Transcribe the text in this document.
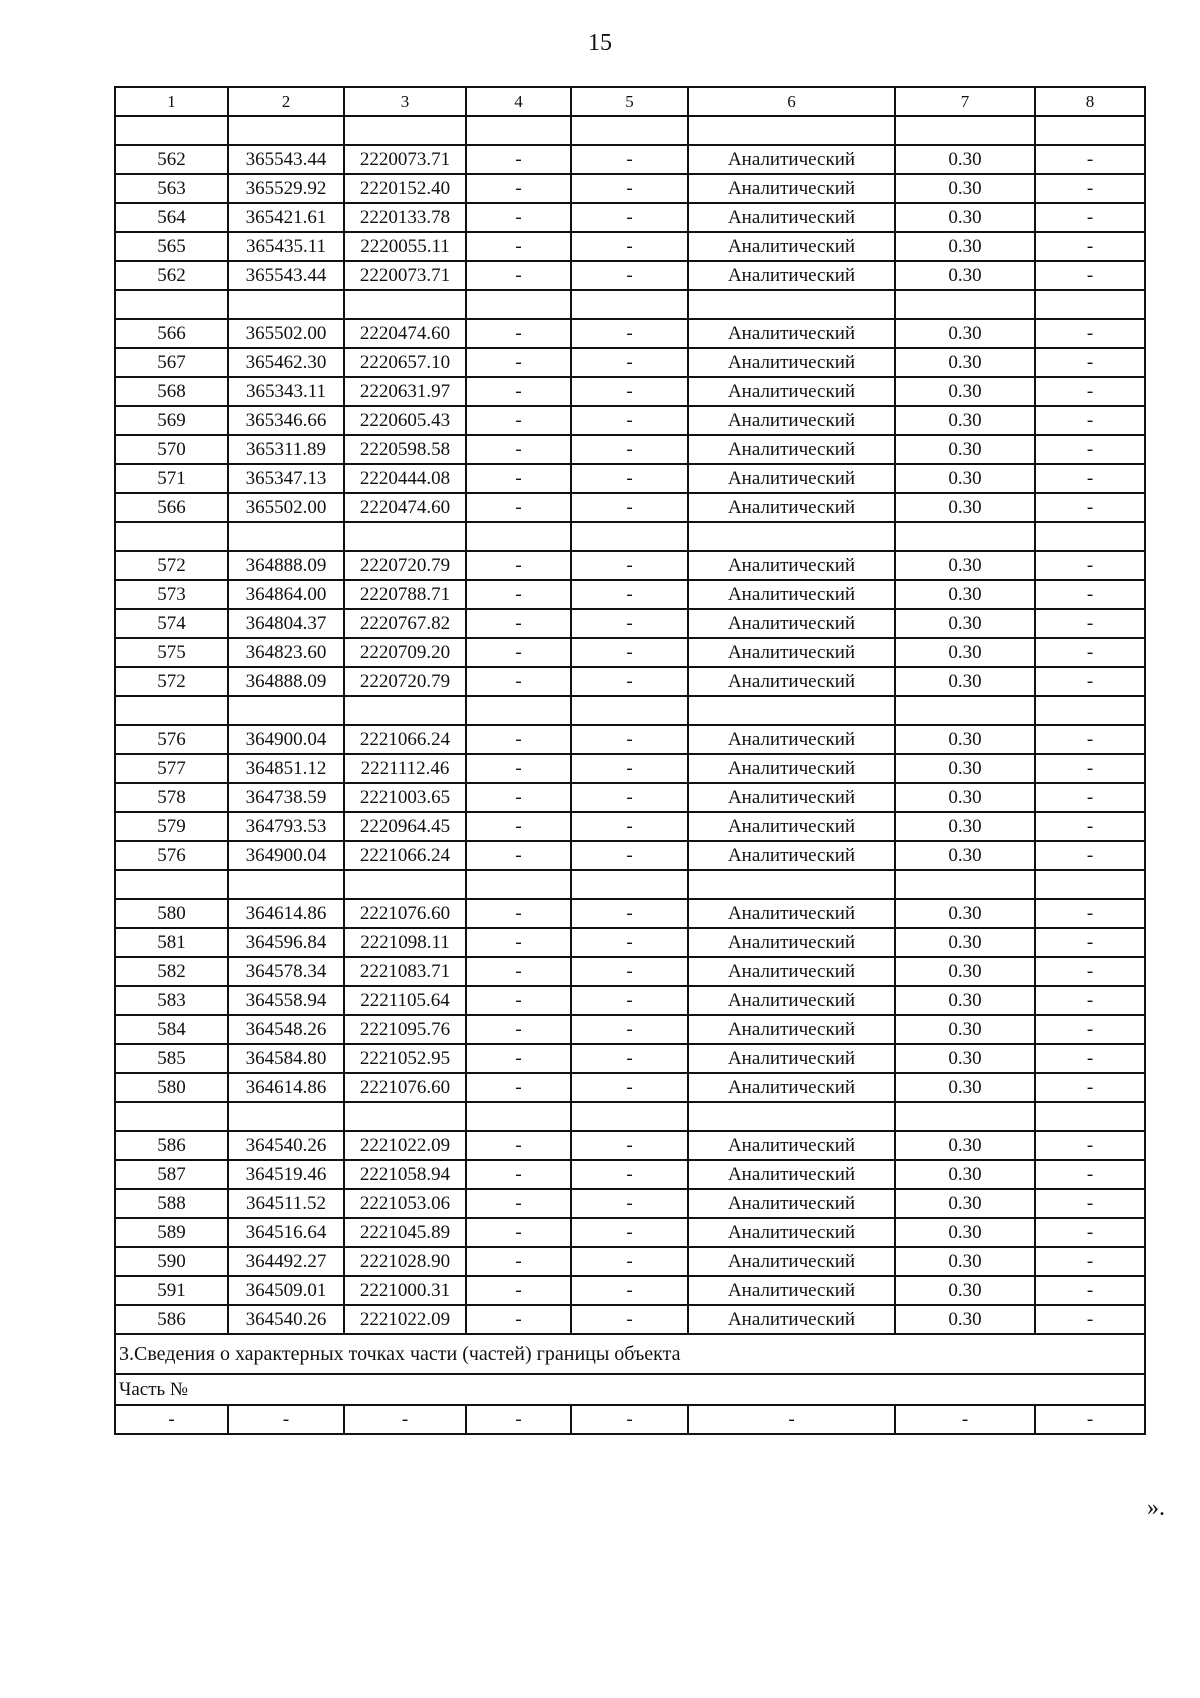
15
1	2	3	4	5	6	7	8

562	365543.44	2220073.71	-	-	Аналитический	0.30	-
563	365529.92	2220152.40	-	-	Аналитический	0.30	-
564	365421.61	2220133.78	-	-	Аналитический	0.30	-
565	365435.11	2220055.11	-	-	Аналитический	0.30	-
562	365543.44	2220073.71	-	-	Аналитический	0.30	-

566	365502.00	2220474.60	-	-	Аналитический	0.30	-
567	365462.30	2220657.10	-	-	Аналитический	0.30	-
568	365343.11	2220631.97	-	-	Аналитический	0.30	-
569	365346.66	2220605.43	-	-	Аналитический	0.30	-
570	365311.89	2220598.58	-	-	Аналитический	0.30	-
571	365347.13	2220444.08	-	-	Аналитический	0.30	-
566	365502.00	2220474.60	-	-	Аналитический	0.30	-

572	364888.09	2220720.79	-	-	Аналитический	0.30	-
573	364864.00	2220788.71	-	-	Аналитический	0.30	-
574	364804.37	2220767.82	-	-	Аналитический	0.30	-
575	364823.60	2220709.20	-	-	Аналитический	0.30	-
572	364888.09	2220720.79	-	-	Аналитический	0.30	-

576	364900.04	2221066.24	-	-	Аналитический	0.30	-
577	364851.12	2221112.46	-	-	Аналитический	0.30	-
578	364738.59	2221003.65	-	-	Аналитический	0.30	-
579	364793.53	2220964.45	-	-	Аналитический	0.30	-
576	364900.04	2221066.24	-	-	Аналитический	0.30	-

580	364614.86	2221076.60	-	-	Аналитический	0.30	-
581	364596.84	2221098.11	-	-	Аналитический	0.30	-
582	364578.34	2221083.71	-	-	Аналитический	0.30	-
583	364558.94	2221105.64	-	-	Аналитический	0.30	-
584	364548.26	2221095.76	-	-	Аналитический	0.30	-
585	364584.80	2221052.95	-	-	Аналитический	0.30	-
580	364614.86	2221076.60	-	-	Аналитический	0.30	-

586	364540.26	2221022.09	-	-	Аналитический	0.30	-
587	364519.46	2221058.94	-	-	Аналитический	0.30	-
588	364511.52	2221053.06	-	-	Аналитический	0.30	-
589	364516.64	2221045.89	-	-	Аналитический	0.30	-
590	364492.27	2221028.90	-	-	Аналитический	0.30	-
591	364509.01	2221000.31	-	-	Аналитический	0.30	-
586	364540.26	2221022.09	-	-	Аналитический	0.30	-
3.Сведения о характерных точках части (частей) границы объекта							
Часть №							
-	-	-	-	-	-	-	-
».
